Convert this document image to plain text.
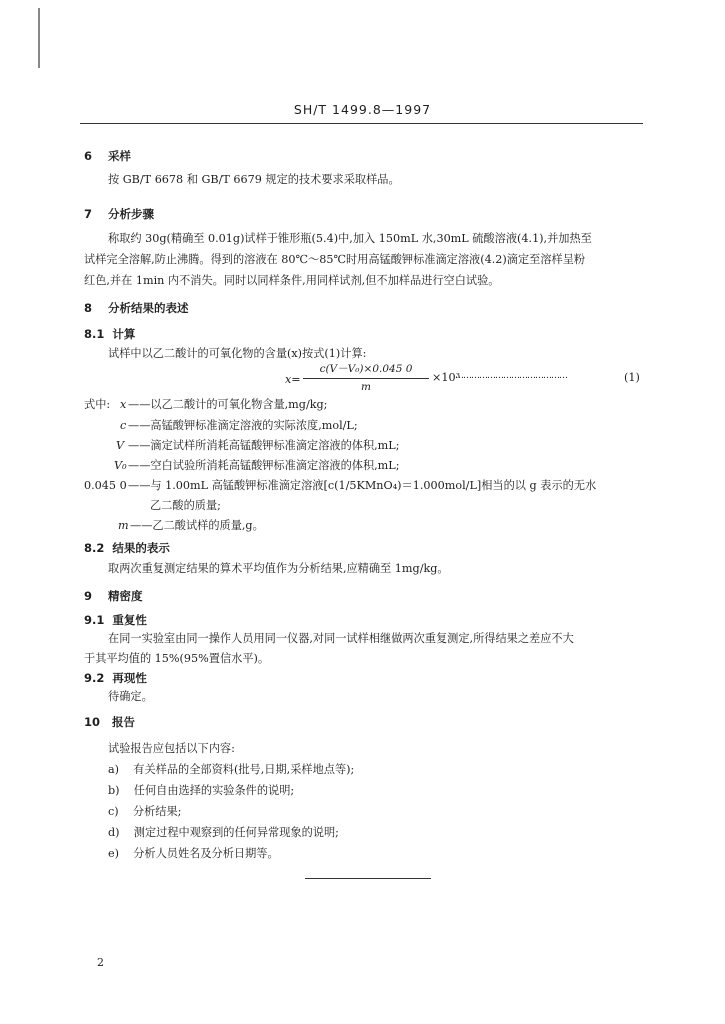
SH/T 1499.8—1997
6 采样
按 GB/T 6678 和 GB/T 6679 规定的技术要求采取样品。
7 分析步骤
称取约 30g(精确至 0.01g)试样于锥形瓶(5.4)中,加入 150mL 水,30mL 硫酸溶液(4.1),并加热至
试样完全溶解,防止沸腾。得到的溶液在 80℃～85℃时用高锰酸钾标准滴定溶液(4.2)滴定至溶样呈粉
红色,并在 1min 内不消失。同时以同样条件,用同样试剂,但不加样品进行空白试验。
8 分析结果的表述
8.1 计算
试样中以乙二酸计的可氧化物的含量(x)按式(1)计算:
x=
c(V－V₀)×0.045 0
m
×10³
……………………………………	(1)
式中: x ——以乙二酸计的可氧化物含量,mg/kg;
c ——高锰酸钾标准滴定溶液的实际浓度,mol/L;
V ——滴定试样所消耗高锰酸钾标准滴定溶液的体积,mL;
V₀ ——空白试验所消耗高锰酸钾标准滴定溶液的体积,mL;
0.045 0 ——与 1.00mL 高锰酸钾标准滴定溶液[c(1/5KMnO₄)＝1.000mol/L]相当的以 g 表示的无水
乙二酸的质量;
m ——乙二酸试样的质量,g。
8.2 结果的表示
取两次重复测定结果的算术平均值作为分析结果,应精确至 1mg/kg。
9 精密度
9.1 重复性
在同一实验室由同一操作人员用同一仪器,对同一试样相继做两次重复测定,所得结果之差应不大
于其平均值的 15%(95%置信水平)。
9.2 再现性
待确定。
10 报告
试验报告应包括以下内容:
a) 有关样品的全部资料(批号,日期,采样地点等);
b) 任何自由选择的实验条件的说明;
c) 分析结果;
d) 测定过程中观察到的任何异常现象的说明;
e) 分析人员姓名及分析日期等。
2
